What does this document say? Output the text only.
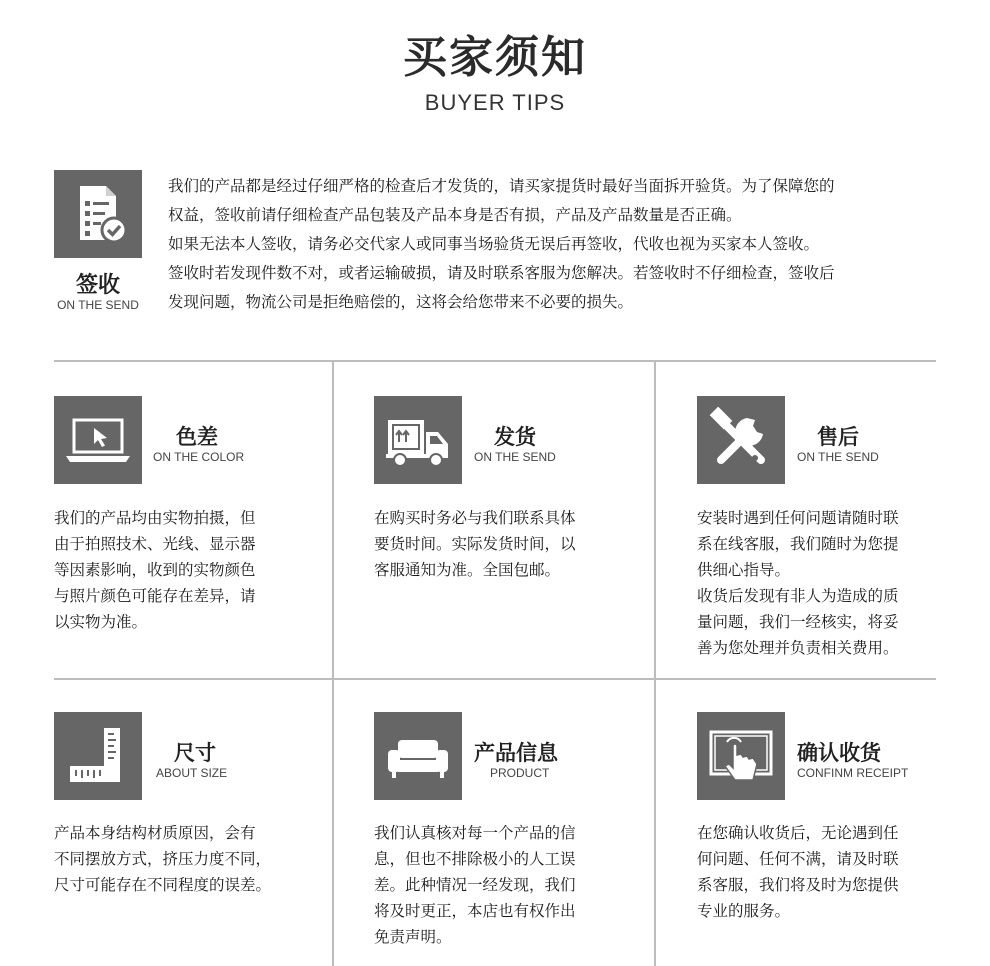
买家须知
BUYER TIPS
签收
ON THE SEND

我们的产品都是经过仔细严格的检查后才发货的，请买家提货时最好当面拆开验货。为了保障您的

权益，签收前请仔细检查产品包装及产品本身是否有损，产品及产品数量是否正确。

如果无法本人签收，请务必交代家人或同事当场验货无误后再签收，代收也视为买家本人签收。

签收时若发现件数不对，或者运输破损，请及时联系客服为您解决。若签收时不仔细检查，签收后

发现问题，物流公司是拒绝赔偿的，这将会给您带来不必要的损失。

色差
ON THE COLOR

我们的产品均由实物拍摄，但

由于拍照技术、光线、显示器

等因素影响，收到的实物颜色

与照片颜色可能存在差异，请

以实物为准。

发货
ON THE SEND

在购买时务必与我们联系具体

要货时间。实际发货时间，以

客服通知为准。全国包邮。

售后
ON THE SEND

安装时遇到任何问题请随时联

系在线客服，我们随时为您提

供细心指导。

收货后发现有非人为造成的质

量问题，我们一经核实，将妥

善为您处理并负责相关费用。

尺寸
ABOUT SIZE

产品本身结构材质原因，会有

不同摆放方式，挤压力度不同，

尺寸可能存在不同程度的误差。

产品信息
PRODUCT

我们认真核对每一个产品的信

息，但也不排除极小的人工误

差。此种情况一经发现，我们

将及时更正，本店也有权作出

免责声明。

确认收货
CONFINM RECEIPT

在您确认收货后，无论遇到任

何问题、任何不满，请及时联

系客服，我们将及时为您提供

专业的服务。
